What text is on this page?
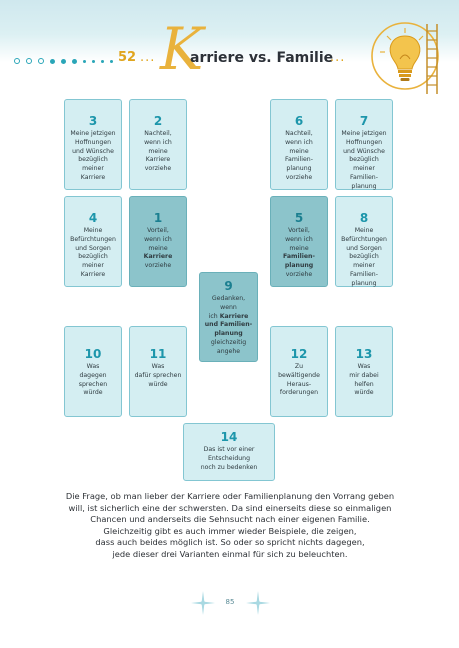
52 ... K
arriere vs. Familie
...
3
Meine jetzigen
Hoffnungen
und Wünsche
bezüglich meiner
Karriere
2
Nachteil,
wenn ich
meine
Karriere
vorziehe
6
Nachteil,
wenn ich
meine
Familien-
planung
vorziehe
7
Meine jetzigen
Hoffnungen
und Wünsche
bezüglich meiner
Familien-
planung
4
Meine
Befürchtungen
und Sorgen
bezüglich meiner
Karriere
1
Vorteil,
wenn ich
meine
Karriere
vorziehe
5
Vorteil,
wenn ich
meine
Familien-
planung
vorziehe
8
Meine
Befürchtungen
und Sorgen
bezüglich meiner
Familien-
planung
9
Gedanken, wenn
ich Karriere
und Familien-
planung
gleichzeitig
angehe
10
Was
dagegen
sprechen würde
11
Was
dafür sprechen
würde
12
Zu bewältigende
Heraus-
forderungen
13
Was
mir dabei helfen
würde
14
Das ist vor einer
Entscheidung
noch zu bedenken

Die Frage, ob man lieber der Karriere oder Familienplanung den Vorrang geben

will, ist sicherlich eine der schwersten. Da sind einerseits diese so einmaligen

Chancen und anderseits die Sehnsucht nach einer eigenen Familie.

Gleichzeitig gibt es auch immer wieder Beispiele, die zeigen,

dass auch beides möglich ist. So oder so spricht nichts dagegen,

jede dieser drei Varianten einmal für sich zu beleuchten.

85
